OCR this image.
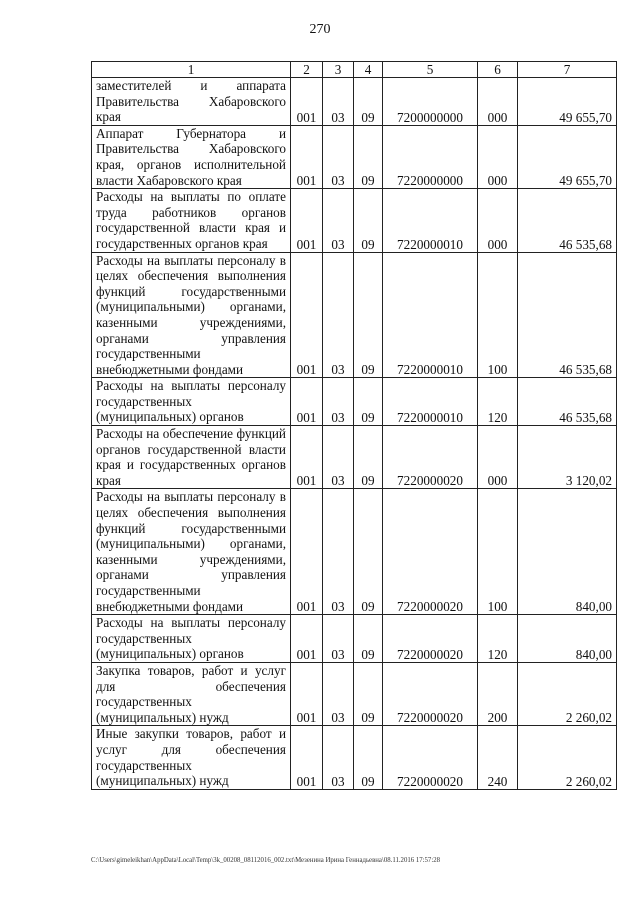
270
1	2	3	4	5	6	7
заместителей и аппарата Правительства Хабаровского края	001	03	09	7200000000	000	49 655,70
Аппарат Губернатора и Правительства Хабаровского края, органов исполнительной власти Хабаровского края	001	03	09	7220000000	000	49 655,70
Расходы на выплаты по оплате труда работников органов государственной власти края и государственных органов края	001	03	09	7220000010	000	46 535,68
Расходы на выплаты персоналу в целях обеспечения выполнения функций государственными (муниципальными) органами, казенными учреждениями, органами управления государственными внебюджетными фондами	001	03	09	7220000010	100	46 535,68
Расходы на выплаты персоналу государственных (муниципальных) органов	001	03	09	7220000010	120	46 535,68
Расходы на обеспечение функций органов государственной власти края и государственных органов края	001	03	09	7220000020	000	3 120,02
Расходы на выплаты персоналу в целях обеспечения выполнения функций государственными (муниципальными) органами, казенными учреждениями, органами управления государственными внебюджетными фондами	001	03	09	7220000020	100	840,00
Расходы на выплаты персоналу государственных (муниципальных) органов	001	03	09	7220000020	120	840,00
Закупка товаров, работ и услуг для обеспечения государственных (муниципальных) нужд	001	03	09	7220000020	200	2 260,02
Иные закупки товаров, работ и услуг для обеспечения государственных (муниципальных) нужд	001	03	09	7220000020	240	2 260,02
C:\Users\gimeleikhan\AppData\Local\Temp\3k_00208_08112016_002.txt\Мезенина Ирина Геннадьевна\08.11.2016 17:57:28
